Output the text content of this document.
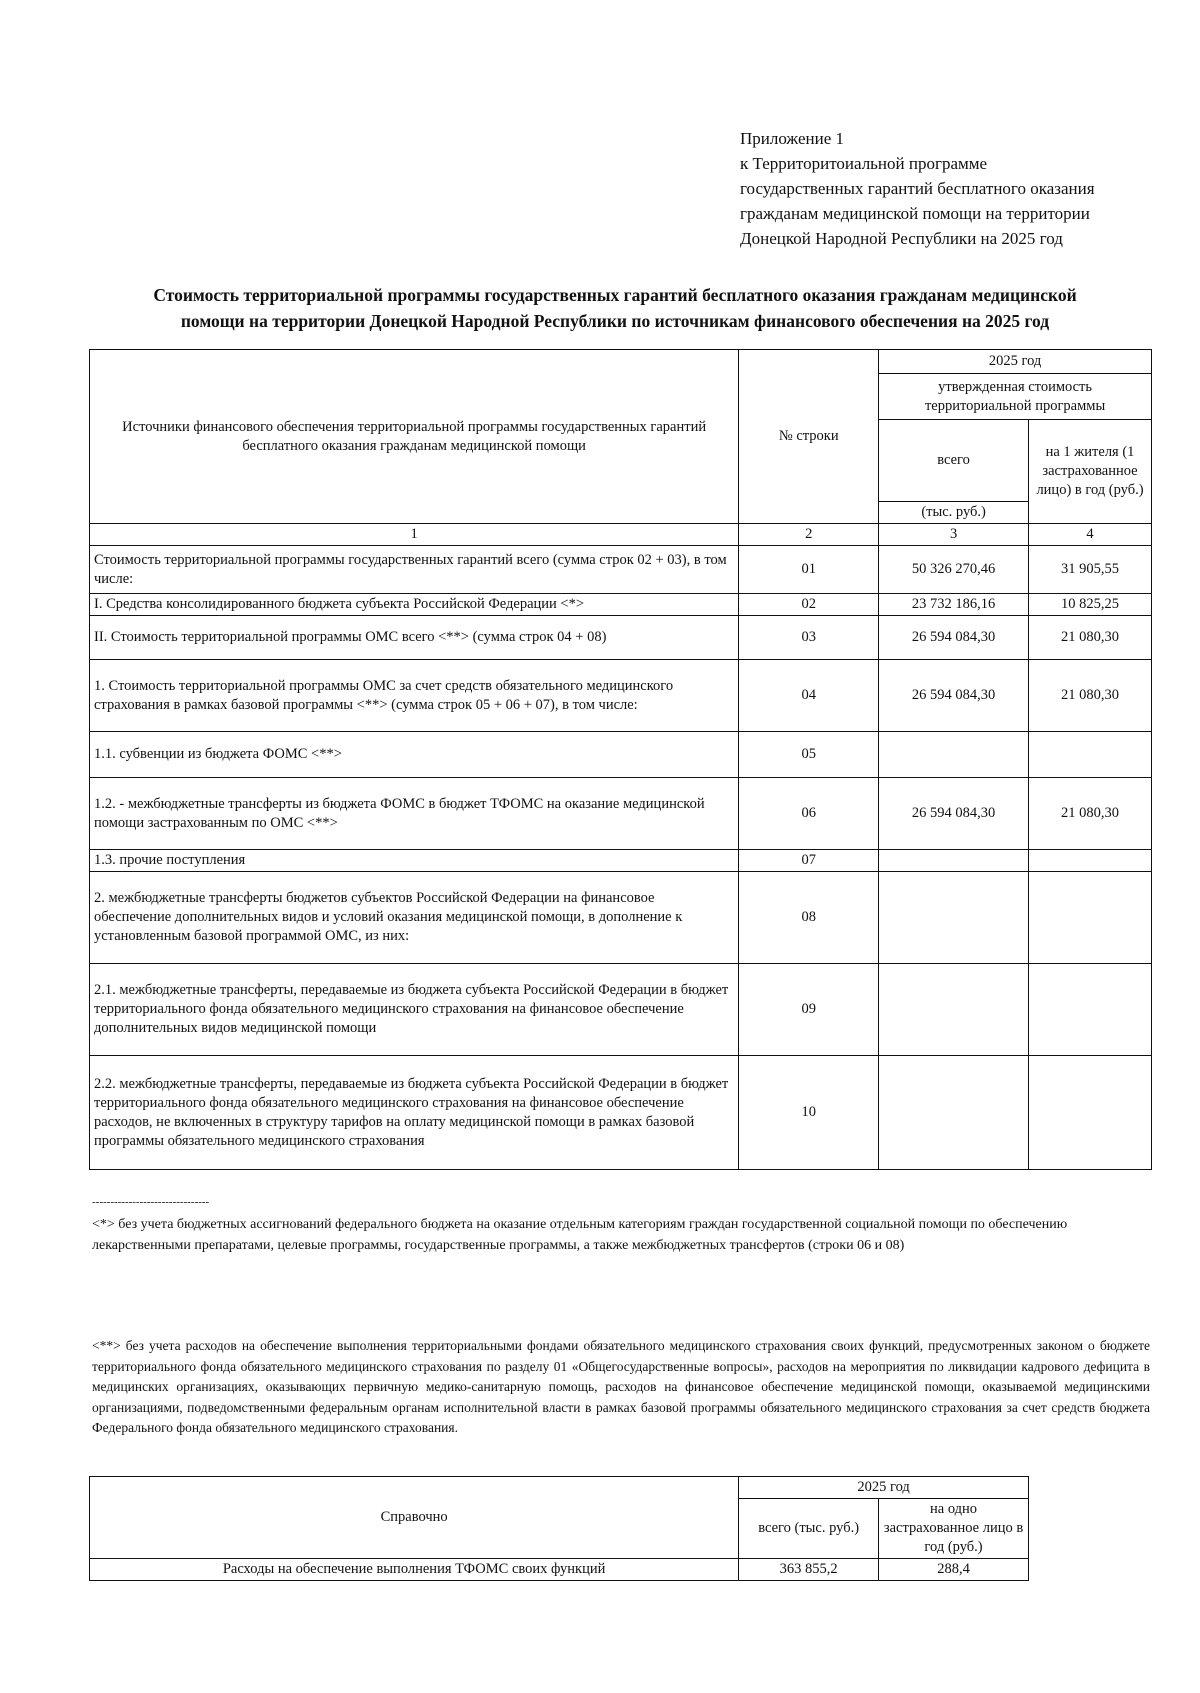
Приложение 1
к Территоритоиальной программе
государственных гарантий бесплатного оказания
гражданам медицинской помощи на территории
Донецкой Народной Республики на 2025 год
Стоимость территориальной программы государственных гарантий бесплатного оказания гражданам медицинской
помощи на территории Донецкой Народной Республики по источникам финансового обеспечения на 2025 год
Источники финансового обеспечения территориальной программы государственных гарантий бесплатного оказания гражданам медицинской помощи	№ строки	2025 год	
		утвержденная стоимость территориальной программы	
		всего	на 1 жителя (1 застрахованное лицо) в год (руб.)
		(тыс. руб.)	
1	2	3	4
Стоимость территориальной программы государственных гарантий всего (сумма строк 02 + 03), в том числе:	01	50 326 270,46	31 905,55
I. Средства консолидированного бюджета субъекта Российской Федерации <*>	02	23 732 186,16	10 825,25
II. Стоимость территориальной программы ОМС всего <**> (сумма строк 04 + 08)	03	26 594 084,30	21 080,30
1. Стоимость территориальной программы ОМС за счет средств обязательного медицинского страхования в рамках базовой программы <**> (сумма строк 05 + 06 + 07), в том числе:	04	26 594 084,30	21 080,30
1.1. субвенции из бюджета ФОМС <**>	05		
1.2. - межбюджетные трансферты из бюджета ФОМС в бюджет ТФОМС на оказание медицинской помощи застрахованным по ОМС <**>	06	26 594 084,30	21 080,30
1.3. прочие поступления	07		
2. межбюджетные трансферты бюджетов субъектов Российской Федерации на финансовое обеспечение дополнительных видов и условий оказания медицинской помощи, в дополнение к установленным базовой программой ОМС, из них:	08		
2.1. межбюджетные трансферты, передаваемые из бюджета субъекта Российской Федерации в бюджет территориального фонда обязательного медицинского страхования на финансовое обеспечение дополнительных видов медицинской помощи	09		
2.2. межбюджетные трансферты, передаваемые из бюджета субъекта Российской Федерации в бюджет территориального фонда обязательного медицинского страхования на финансовое обеспечение расходов, не включенных в структуру тарифов на оплату медицинской помощи в рамках базовой программы обязательного медицинского страхования	10		
--------------------------------
<*> без учета бюджетных ассигнований федерального бюджета на оказание отдельным категориям граждан государственной социальной помощи по обеспечению лекарственными препаратами, целевые программы, государственные программы, а также межбюджетных трансфертов (строки 06 и 08)
<**> без учета расходов на обеспечение выполнения территориальными фондами обязательного медицинского страхования своих функций, предусмотренных законом о бюджете территориального фонда обязательного медицинского страхования по разделу 01 «Общегосударственные вопросы», расходов на мероприятия по ликвидации кадрового дефицита в медицинских организациях, оказывающих первичную медико-санитарную помощь, расходов на финансовое обеспечение медицинской помощи, оказываемой медицинскими организациями, подведомственными федеральным органам исполнительной власти в рамках базовой программы обязательного медицинского страхования за счет средств бюджета Федерального фонда обязательного медицинского страхования.
Справочно	2025 год	
	всего (тыс. руб.)	на одно застрахованное лицо в год (руб.)
Расходы на обеспечение выполнения ТФОМС своих функций	363 855,2	288,4
